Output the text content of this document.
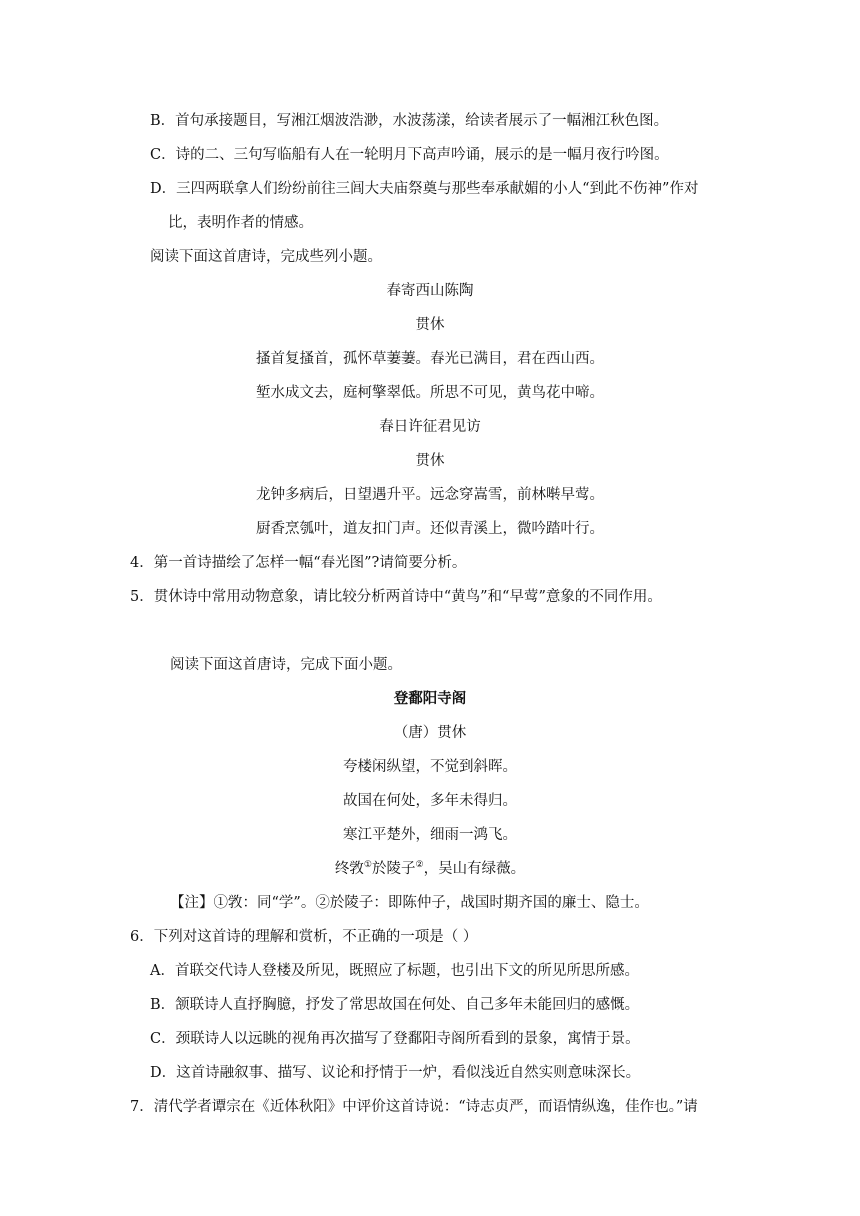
B．首句承接题目，写湘江烟波浩渺，水波荡漾，给读者展示了一幅湘江秋色图。
C．诗的二、三句写临船有人在一轮明月下高声吟诵，展示的是一幅月夜行吟图。
D．三四两联拿人们纷纷前往三闾大夫庙祭奠与那些奉承献媚的小人“到此不伤神”作对
比，表明作者的情感。
阅读下面这首唐诗，完成些列小题。
春寄西山陈陶
贯休
搔首复搔首，孤怀草萋萋。春光已满目，君在西山西。
堑水成文去，庭柯擎翠低。所思不可见，黄鸟花中啼。
春日许征君见访
贯休
龙钟多病后，日望遇升平。远念穿嵩雪，前林啭早莺。
厨香烹瓠叶，道友扣门声。还似青溪上，微吟踏叶行。
4．第一首诗描绘了怎样一幅“春光图”?请简要分析。
5．贯休诗中常用动物意象，请比较分析两首诗中“黄鸟”和“早莺”意象的不同作用。
阅读下面这首唐诗，完成下面小题。
登鄱阳寺阁
（唐）贯休
夸楼闲纵望，不觉到斜晖。
故国在何处，多年未得归。
寒江平楚外，细雨一鸿飞。
终敩①於陵子②，吴山有绿薇。
【注】①敩：同“学”。②於陵子：即陈仲子，战国时期齐国的廉士、隐士。
6．下列对这首诗的理解和赏析，不正确的一项是（ ）
A．首联交代诗人登楼及所见，既照应了标题，也引出下文的所见所思所感。
B．颔联诗人直抒胸臆，抒发了常思故国在何处、自己多年未能回归的感慨。
C．颈联诗人以远眺的视角再次描写了登鄱阳寺阁所看到的景象，寓情于景。
D．这首诗融叙事、描写、议论和抒情于一炉，看似浅近自然实则意味深长。
7．清代学者谭宗在《近体秋阳》中评价这首诗说：“诗志贞严，而语情纵逸，佳作也。”请
